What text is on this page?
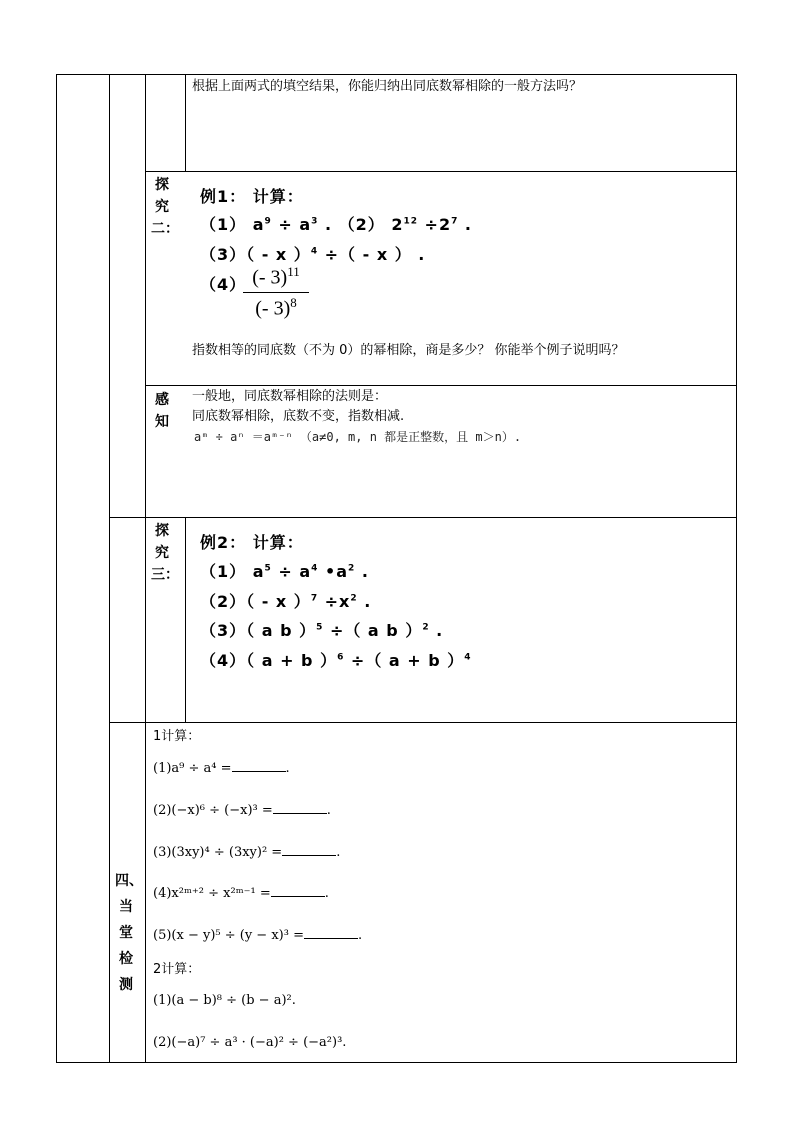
根据上面两式的填空结果，你能归纳出同底数幂相除的一般方法吗？
探
究
二：
例1： 计算：
（1） $a^9 \div a^3$ . （2） $2^{12} \div 2^7$ .
（3）（ - x ）$^4$ ÷（ - x ） .
（4） (- 3)$^{11}$
(- 3)$^8$
指数相等的同底数（不为 0）的幂相除，商是多少？ 你能举个例子说明吗？
感
知
一般地，同底数幂相除的法则是：
同底数幂相除，底数不变，指数相减.
aᵐ ÷ aⁿ ＝aᵐ⁻ⁿ （a≠0, m, n 都是正整数，且 m＞n）.
探
究
三：
例2： 计算：
（1） $a^5 \div a^4$ $•a^2$ .
（2）（ - x ）$^7 \div x^2$ .
（3）（ a b ）$^5$ ÷（ a b ）$^2$ .
（4）（ a + b ）$^6$ ÷（ a + b ）$^4$
四、
当
堂
检
测
1计算：
(1)a⁹ ÷ a⁴ =	.
(2)(−x)⁶ ÷ (−x)³ =	.
(3)(3xy)⁴ ÷ (3xy)² =	.
(4)x²ᵐ⁺² ÷ x²ᵐ⁻¹ =	.
(5)(x − y)⁵ ÷ (y − x)³ =	.
2计算：
(1)(a − b)⁸ ÷ (b − a)².
(2)(−a)⁷ ÷ a³ · (−a)² ÷ (−a²)³.
